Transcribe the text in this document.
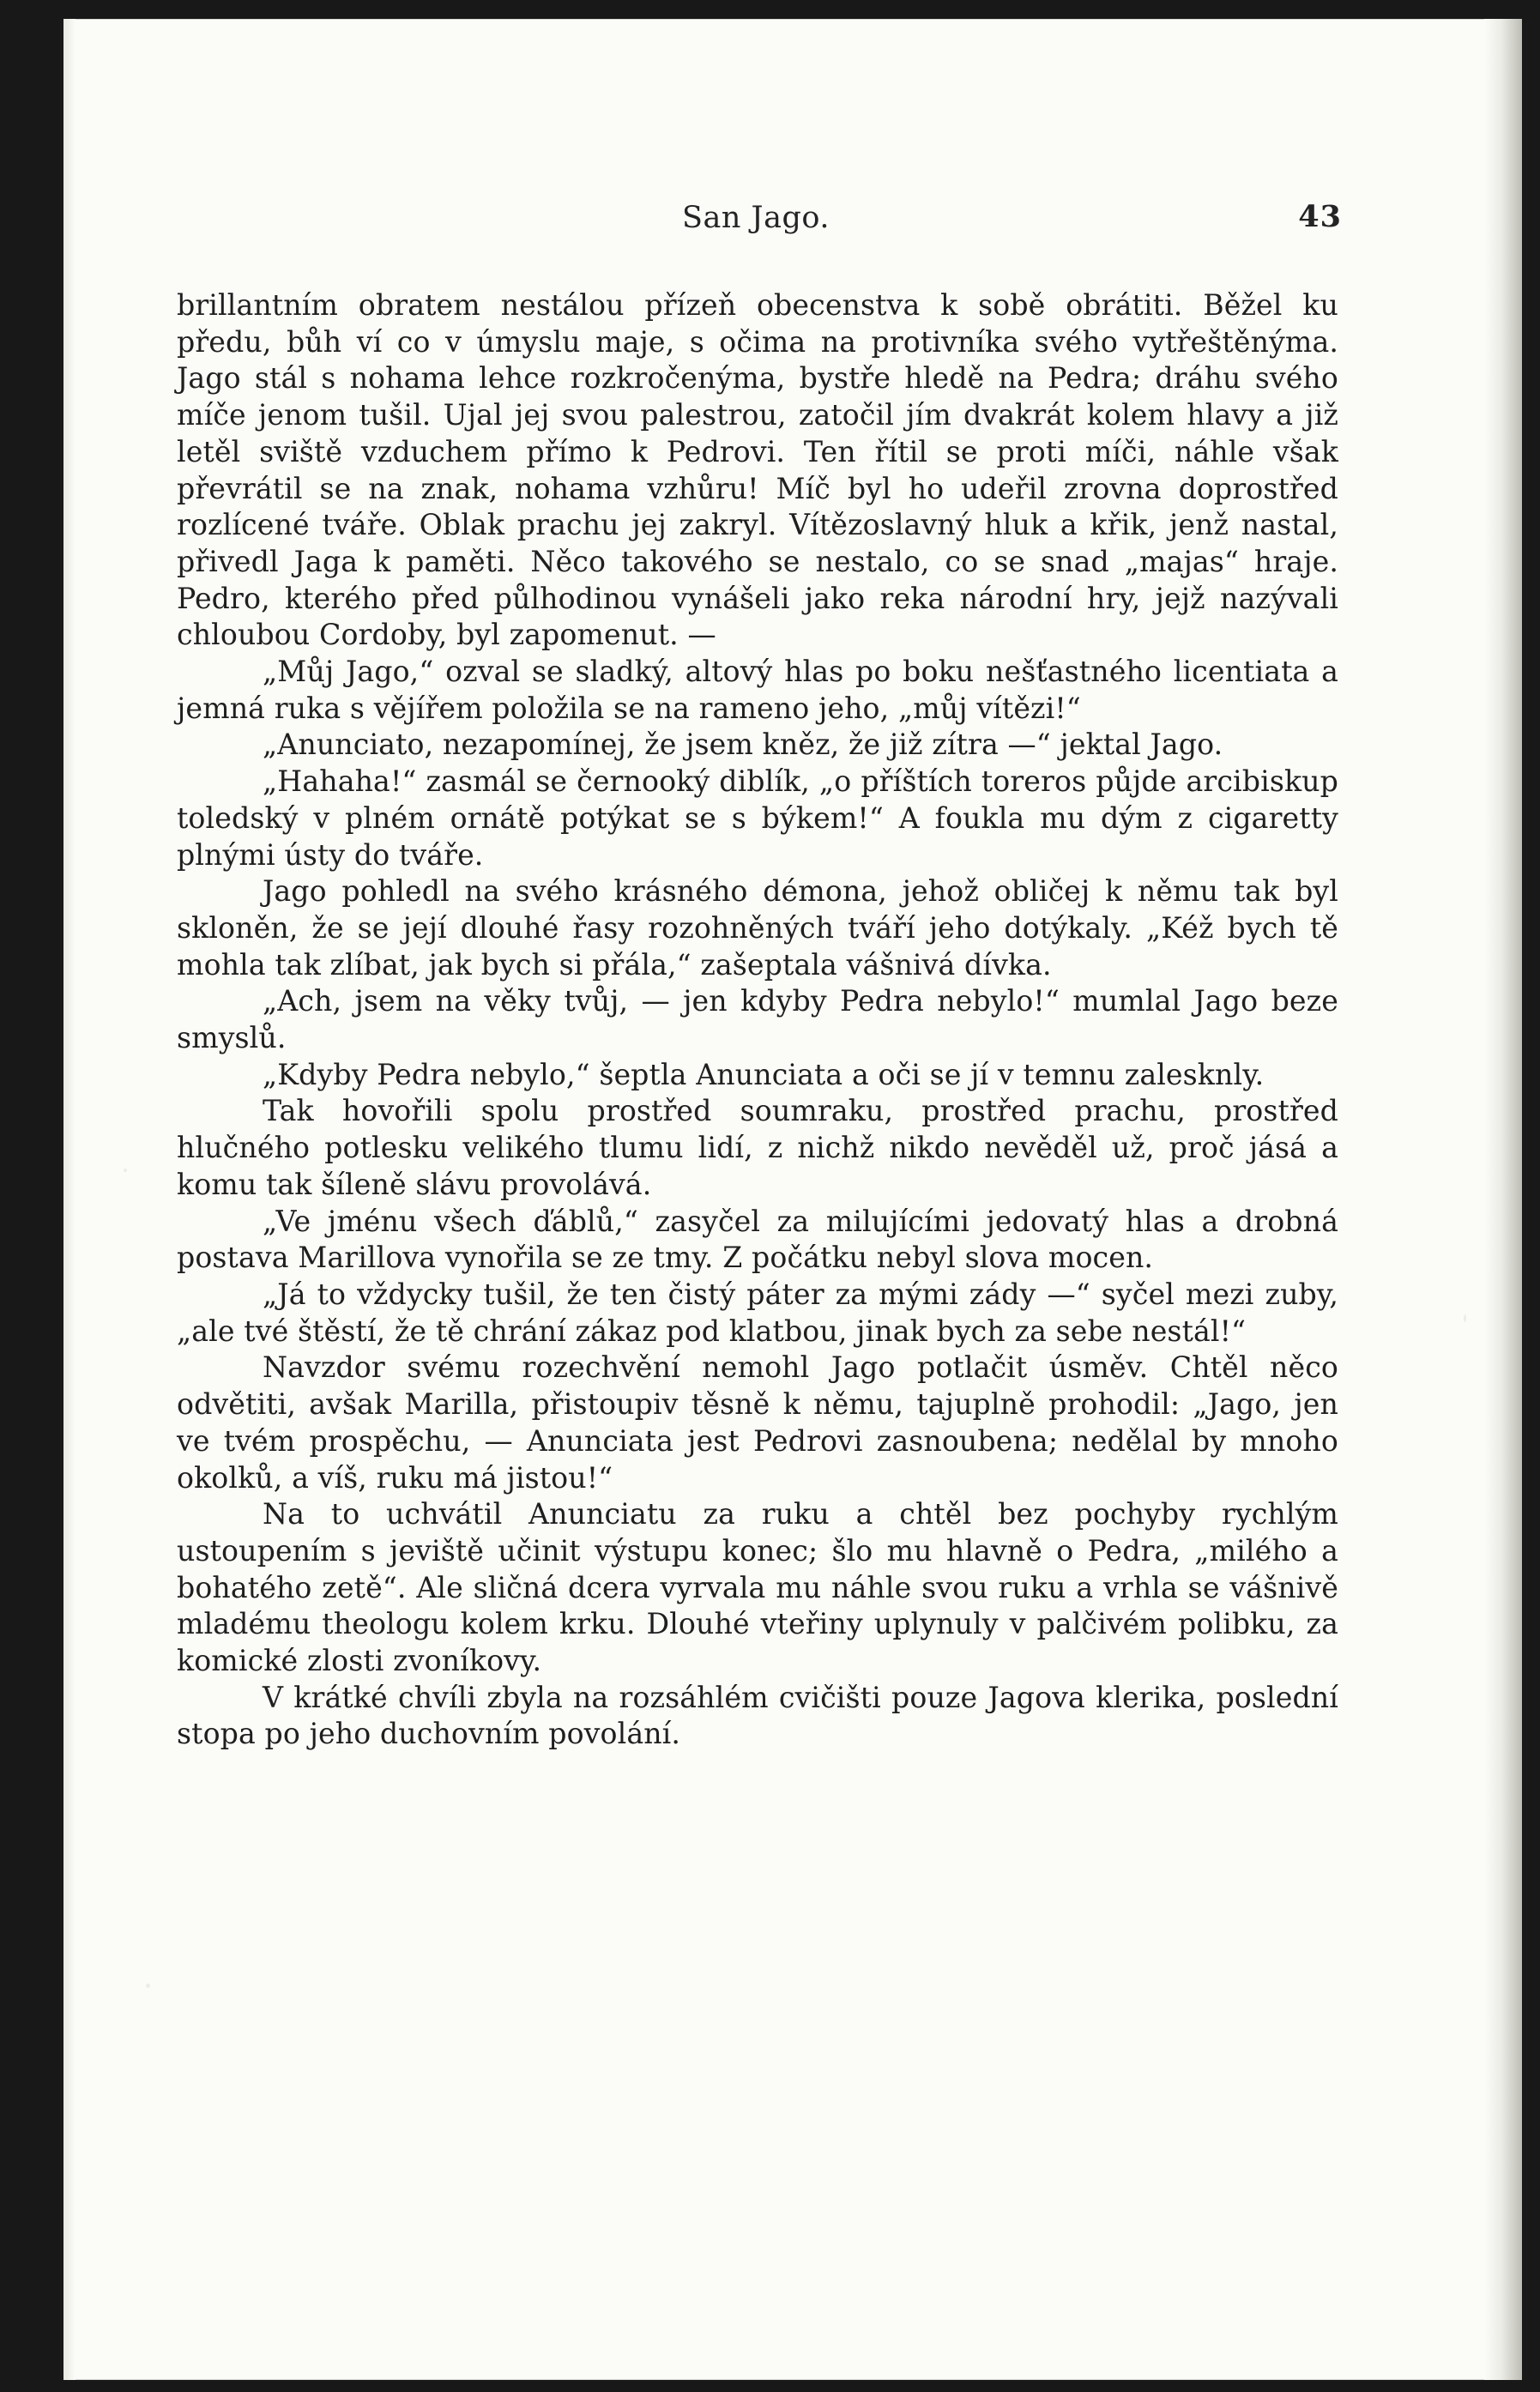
San Jago.	43

brillantním obratem nestálou přízeň obecenstva k sobě obrátiti. Běžel ku předu, bůh ví co v úmyslu maje, s očima na protivníka svého vytřeštěnýma. Jago stál s nohama lehce rozkročenýma, bystře hledě na Pedra; dráhu svého míče jenom tušil. Ujal jej svou palestrou, zatočil jím dvakrát kolem hlavy a již letěl sviště vzduchem přímo k Pedrovi. Ten řítil se proti míči, náhle však převrátil se na znak, nohama vzhůru! Míč byl ho udeřil zrovna doprostřed rozlícené tváře. Oblak prachu jej zakryl. Vítězoslavný hluk a křik, jenž nastal, přivedl Jaga k paměti. Něco takového se nestalo, co se snad „majas“ hraje. Pedro, kterého před půlhodinou vynášeli jako reka národní hry, jejž nazývali chloubou Cordoby, byl zapomenut. —

„Můj Jago,“ ozval se sladký, altový hlas po boku nešťastného licentiata a jemná ruka s vějířem položila se na rameno jeho, „můj vítězi!“

„Anunciato, nezapomínej, že jsem kněz, že již zítra —“ jektal Jago.

„Hahaha!“ zasmál se černooký diblík, „o příštích toreros půjde arcibiskup toledský v plném ornátě potýkat se s býkem!“ A foukla mu dým z cigaretty plnými ústy do tváře.

Jago pohledl na svého krásného démona, jehož obličej k němu tak byl skloněn, že se její dlouhé řasy rozohněných tváří jeho dotýkaly. „Kéž bych tě mohla tak zlíbat, jak bych si přála,“ zašeptala vášnivá dívka.

„Ach, jsem na věky tvůj, — jen kdyby Pedra nebylo!“ mumlal Jago beze smyslů.

„Kdyby Pedra nebylo,“ šeptla Anunciata a oči se jí v temnu zalesknly.

Tak hovořili spolu prostřed soumraku, prostřed prachu, prostřed hlučného potlesku velikého tlumu lidí, z nichž nikdo nevěděl už, proč jásá a komu tak šíleně slávu provolává.

„Ve jménu všech ďáblů,“ zasyčel za milujícími jedovatý hlas a drobná postava Marillova vynořila se ze tmy. Z počátku nebyl slova mocen.

„Já to vždycky tušil, že ten čistý páter za mými zády —“ syčel mezi zuby, „ale tvé štěstí, že tě chrání zákaz pod klatbou, jinak bych za sebe nestál!“

Navzdor svému rozechvění nemohl Jago potlačit úsměv. Chtěl něco odvětiti, avšak Marilla, přistoupiv těsně k němu, tajuplně prohodil: „Jago, jen ve tvém prospěchu, — Anunciata jest Pedrovi zasnoubena; nedělal by mnoho okolků, a víš, ruku má jistou!“

Na to uchvátil Anunciatu za ruku a chtěl bez pochyby rychlým ustoupením s jeviště učinit výstupu konec; šlo mu hlavně o Pedra, „milého a bohatého zetě“. Ale sličná dcera vyrvala mu náhle svou ruku a vrhla se vášnivě mladému theologu kolem krku. Dlouhé vteřiny uplynuly v palčivém polibku, za komické zlosti zvoníkovy.

V krátké chvíli zbyla na rozsáhlém cvičišti pouze Jagova klerika, poslední stopa po jeho duchovním povolání.
